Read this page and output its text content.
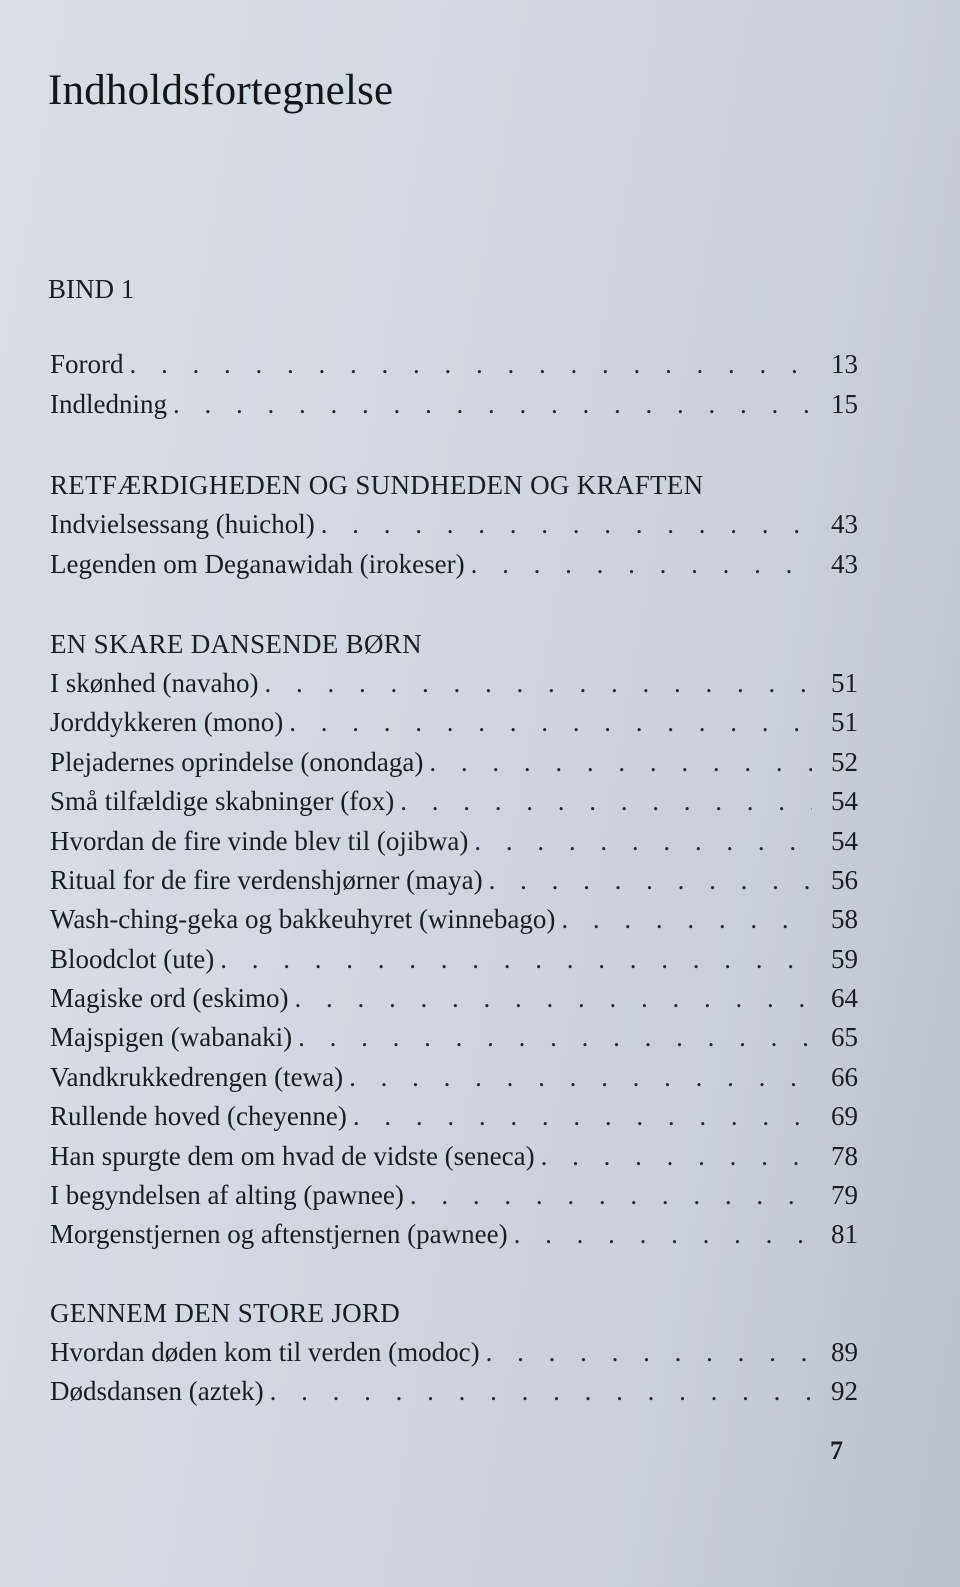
Indholdsfortegnelse
BIND 1
Forord . . .	13
Indledning . . .	15
RETFÆRDIGHEDEN OG SUNDHEDEN OG KRAFTEN
Indvielsessang (huichol) . . .	43
Legenden om Deganawidah (irokeser) . . .	43
EN SKARE DANSENDE BØRN
I skønhed (navaho) . . .	51
Jorddykkeren (mono) . . .	51
Plejadernes oprindelse (onondaga) . . .	52
Små tilfældige skabninger (fox) . . .	54
Hvordan de fire vinde blev til (ojibwa) . . .	54
Ritual for de fire verdenshjørner (maya) . . .	56
Wash-ching-geka og bakkeuhyret (winnebago) . . .	58
Bloodclot (ute) . . .	59
Magiske ord (eskimo) . . .	64
Majspigen (wabanaki) . . .	65
Vandkrukkedrengen (tewa) . . .	66
Rullende hoved (cheyenne) . . .	69
Han spurgte dem om hvad de vidste (seneca) . . .	78
I begyndelsen af alting (pawnee) . . .	79
Morgenstjernen og aftenstjernen (pawnee) . . .	81
GENNEM DEN STORE JORD
Hvordan døden kom til verden (modoc) . . .	89
Dødsdansen (aztek) . . .	92
7
